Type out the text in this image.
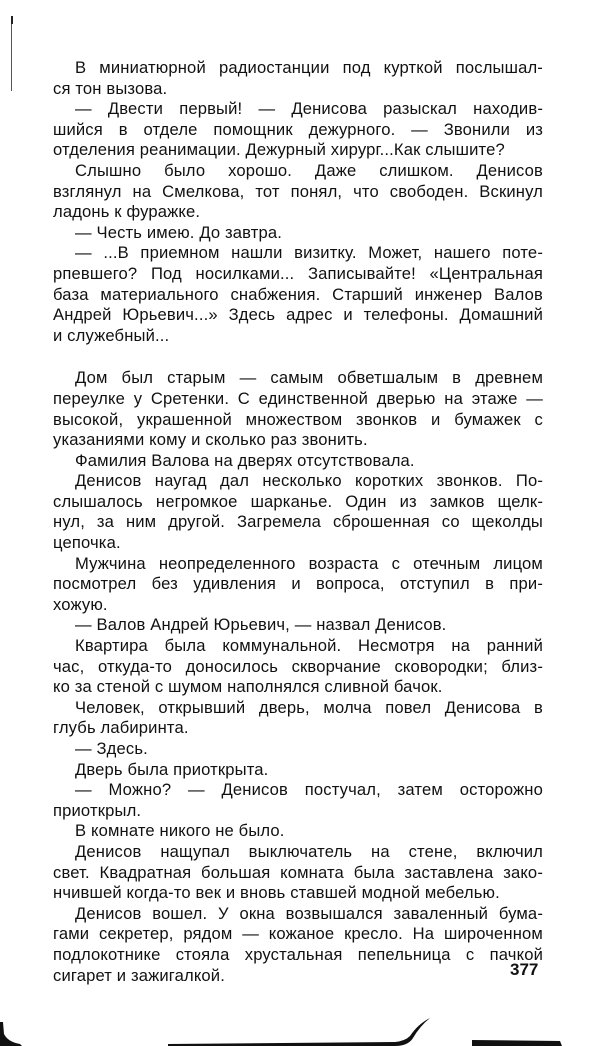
В миниатюрной радиостанции под курткой послышал-
ся тон вызова.
— Двести первый! — Денисова разыскал находив-
шийся в отделе помощник дежурного. — Звонили из
отделения реанимации. Дежурный хирург...Как слышите?
Слышно было хорошо. Даже слишком. Денисов
взглянул на Смелкова, тот понял, что свободен. Вскинул
ладонь к фуражке.
— Честь имею. До завтра.
— ...В приемном нашли визитку. Может, нашего поте-
рпевшего? Под носилками... Записывайте! «Центральная
база материального снабжения. Старший инженер Валов
Андрей Юрьевич...» Здесь адрес и телефоны. Домашний
и служебный...
Дом был старым — самым обветшалым в древнем
переулке у Сретенки. С единственной дверью на этаже —
высокой, украшенной множеством звонков и бумажек с
указаниями кому и сколько раз звонить.
Фамилия Валова на дверях отсутствовала.
Денисов наугад дал несколько коротких звонков. По-
слышалось негромкое шарканье. Один из замков щелк-
нул, за ним другой. Загремела сброшенная со щеколды
цепочка.
Мужчина неопределенного возраста с отечным лицом
посмотрел без удивления и вопроса, отступил в при-
хожую.
— Валов Андрей Юрьевич, — назвал Денисов.
Квартира была коммунальной. Несмотря на ранний
час, откуда-то доносилось скворчание сковородки; близ-
ко за стеной с шумом наполнялся сливной бачок.
Человек, открывший дверь, молча повел Денисова в
глубь лабиринта.
— Здесь.
Дверь была приоткрыта.
— Можно? — Денисов постучал, затем осторожно
приоткрыл.
В комнате никого не было.
Денисов нащупал выключатель на стене, включил
свет. Квадратная большая комната была заставлена зако-
нчившей когда-то век и вновь ставшей модной мебелью.
Денисов вошел. У окна возвышался заваленный бума-
гами секретер, рядом — кожаное кресло. На широченном
подлокотнике стояла хрустальная пепельница с пачкой
сигарет и зажигалкой.	377
